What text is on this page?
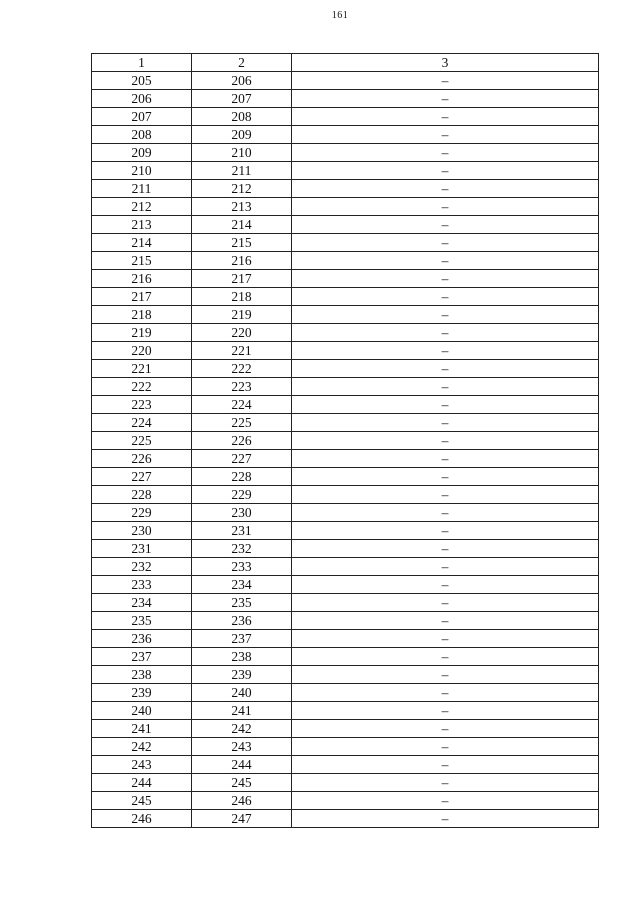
161
1	2	3
205	206	–
206	207	–
207	208	–
208	209	–
209	210	–
210	211	–
211	212	–
212	213	–
213	214	–
214	215	–
215	216	–
216	217	–
217	218	–
218	219	–
219	220	–
220	221	–
221	222	–
222	223	–
223	224	–
224	225	–
225	226	–
226	227	–
227	228	–
228	229	–
229	230	–
230	231	–
231	232	–
232	233	–
233	234	–
234	235	–
235	236	–
236	237	–
237	238	–
238	239	–
239	240	–
240	241	–
241	242	–
242	243	–
243	244	–
244	245	–
245	246	–
246	247	–
